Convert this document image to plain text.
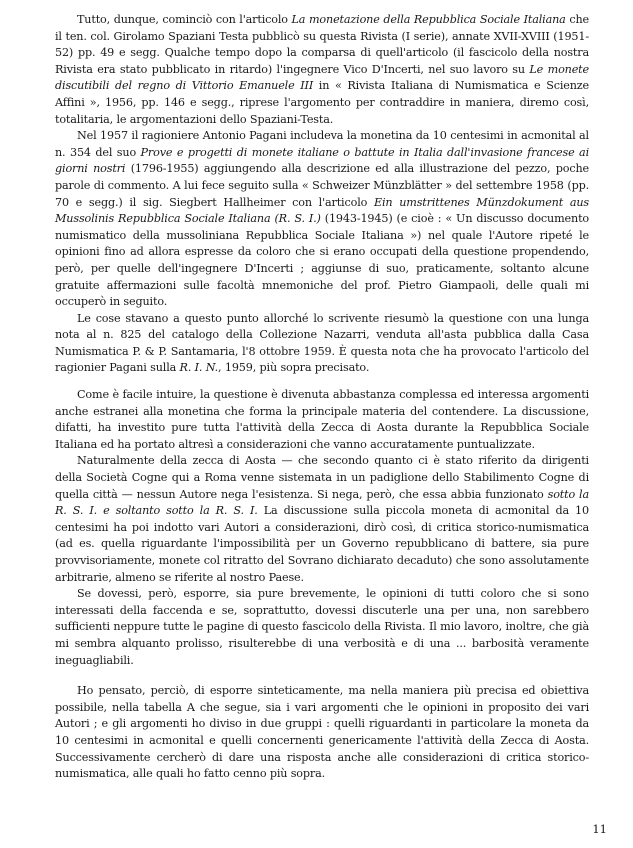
Tutto, dunque, cominciò con l'articolo La monetazione della Repubblica Sociale Italiana che il ten. col. Girolamo Spaziani Testa pubblicò su questa Rivista (I serie), annate XVII-XVIII (1951-52) pp. 49 e segg. Qualche tempo dopo la comparsa di quell'articolo (il fascicolo della nostra Rivista era stato pubblicato in ritardo) l'ingegnere Vico D'Incerti, nel suo lavoro su Le monete discutibili del regno di Vittorio Emanuele III in « Rivista Italiana di Numismatica e Scienze Affini », 1956, pp. 146 e segg., riprese l'argomento per contraddire in maniera, diremo così, totalitaria, le argomentazioni dello Spaziani-Testa.

Nel 1957 il ragioniere Antonio Pagani includeva la monetina da 10 centesimi in acmonital al n. 354 del suo Prove e progetti di monete italiane o battute in Italia dall'invasione francese ai giorni nostri (1796-1955) aggiungendo alla descrizione ed alla illustrazione del pezzo, poche parole di commento. A lui fece seguito sulla « Schweizer Münzblätter » del settembre 1958 (pp. 70 e segg.) il sig. Siegbert Hallheimer con l'articolo Ein umstrittenes Münzdokument aus Mussolinis Repubblica Sociale Italiana (R. S. I.) (1943-1945) (e cioè : « Un discusso documento numismatico della mussoliniana Repubblica Sociale Italiana ») nel quale l'Autore ripeté le opinioni fino ad allora espresse da coloro che si erano occupati della questione propendendo, però, per quelle dell'ingegnere D'Incerti ; aggiunse di suo, praticamente, soltanto alcune gratuite affermazioni sulle facoltà mnemoniche del prof. Pietro Giampaoli, delle quali mi occuperò in seguito.

Le cose stavano a questo punto allorché lo scrivente riesumò la questione con una lunga nota al n. 825 del catalogo della Collezione Nazarri, venduta all'asta pubblica dalla Casa Numismatica P. & P. Santamaria, l'8 ottobre 1959. È questa nota che ha provocato l'articolo del ragionier Pagani sulla R. I. N., 1959, più sopra precisato.

Come è facile intuire, la questione è divenuta abbastanza complessa ed interessa argomenti anche estranei alla monetina che forma la principale materia del contendere. La discussione, difatti, ha investito pure tutta l'attività della Zecca di Aosta durante la Repubblica Sociale Italiana ed ha portato altresì a considerazioni che vanno accuratamente puntualizzate.

Naturalmente della zecca di Aosta — che secondo quanto ci è stato riferito da dirigenti della Società Cogne qui a Roma venne sistemata in un padiglione dello Stabilimento Cogne di quella città — nessun Autore nega l'esistenza. Si nega, però, che essa abbia funzionato sotto la R. S. I. e soltanto sotto la R. S. I. La discussione sulla piccola moneta di acmonital da 10 centesimi ha poi indotto vari Autori a considerazioni, dirò così, di critica storico-numismatica (ad es. quella riguardante l'impossibilità per un Governo repubblicano di battere, sia pure provvisoriamente, monete col ritratto del Sovrano dichiarato decaduto) che sono assolutamente arbitrarie, almeno se riferite al nostro Paese.

Se dovessi, però, esporre, sia pure brevemente, le opinioni di tutti coloro che si sono interessati della faccenda e se, soprattutto, dovessi discuterle una per una, non sarebbero sufficienti neppure tutte le pagine di questo fascicolo della Rivista. Il mio lavoro, inoltre, che già mi sembra alquanto prolisso, risulterebbe di una verbosità e di una ... barbosità veramente ineguagliabili.

Ho pensato, perciò, di esporre sinteticamente, ma nella maniera più precisa ed obiettiva possibile, nella tabella A che segue, sia i vari argomenti che le opinioni in proposito dei vari Autori ; e gli argomenti ho diviso in due gruppi : quelli riguardanti in particolare la moneta da 10 centesimi in acmonital e quelli concernenti genericamente l'attività della Zecca di Aosta. Successivamente cercherò di dare una risposta anche alle considerazioni di critica storico-numismatica, alle quali ho fatto cenno più sopra.

11
